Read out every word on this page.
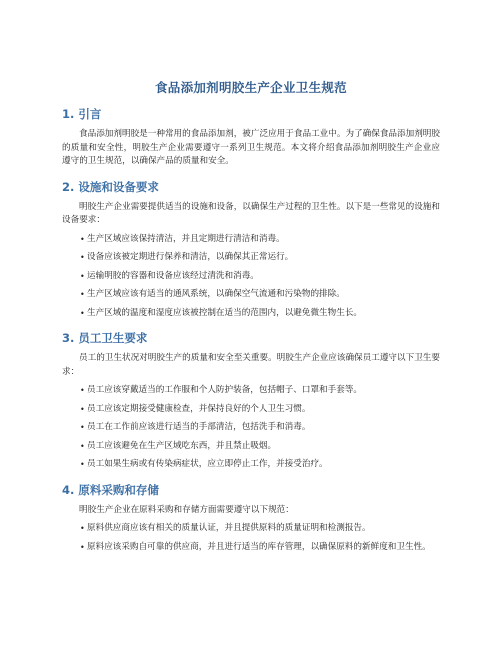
食品添加剂明胶生产企业卫生规范
1. 引言

食品添加剂明胶是一种常用的食品添加剂，被广泛应用于食品工业中。为了确保食品添加剂明胶的质量和安全性，明胶生产企业需要遵守一系列卫生规范。本文将介绍食品添加剂明胶生产企业应遵守的卫生规范，以确保产品的质量和安全。

2. 设施和设备要求

明胶生产企业需要提供适当的设施和设备，以确保生产过程的卫生性。以下是一些常见的设施和设备要求：

• 生产区域应该保持清洁，并且定期进行清洁和消毒。
• 设备应该被定期进行保养和清洁，以确保其正常运行。
• 运输明胶的容器和设备应该经过清洗和消毒。
• 生产区域应该有适当的通风系统，以确保空气流通和污染物的排除。
• 生产区域的温度和湿度应该被控制在适当的范围内，以避免微生物生长。
3. 员工卫生要求

员工的卫生状况对明胶生产的质量和安全至关重要。明胶生产企业应该确保员工遵守以下卫生要求：

• 员工应该穿戴适当的工作服和个人防护装备，包括帽子、口罩和手套等。
• 员工应该定期接受健康检查，并保持良好的个人卫生习惯。
• 员工在工作前应该进行适当的手部清洁，包括洗手和消毒。
• 员工应该避免在生产区域吃东西，并且禁止吸烟。
• 员工如果生病或有传染病症状，应立即停止工作，并接受治疗。
4. 原料采购和存储

明胶生产企业在原料采购和存储方面需要遵守以下规范：

• 原料供应商应该有相关的质量认证，并且提供原料的质量证明和检测报告。
• 原料应该采购自可靠的供应商，并且进行适当的库存管理，以确保原料的新鲜度和卫生性。
